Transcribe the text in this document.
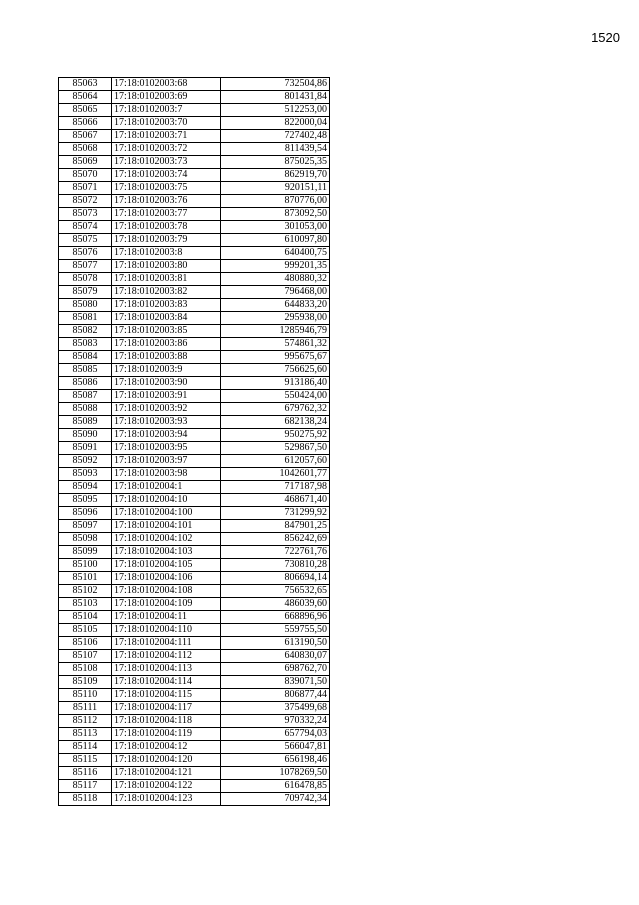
1520
85063	17:18:0102003:68	732504,86
85064	17:18:0102003:69	801431,84
85065	17:18:0102003:7	512253,00
85066	17:18:0102003:70	822000,04
85067	17:18:0102003:71	727402,48
85068	17:18:0102003:72	811439,54
85069	17:18:0102003:73	875025,35
85070	17:18:0102003:74	862919,70
85071	17:18:0102003:75	920151,11
85072	17:18:0102003:76	870776,00
85073	17:18:0102003:77	873092,50
85074	17:18:0102003:78	301053,00
85075	17:18:0102003:79	610097,80
85076	17:18:0102003:8	640400,75
85077	17:18:0102003:80	999201,35
85078	17:18:0102003:81	480880,32
85079	17:18:0102003:82	796468,00
85080	17:18:0102003:83	644833,20
85081	17:18:0102003:84	295938,00
85082	17:18:0102003:85	1285946,79
85083	17:18:0102003:86	574861,32
85084	17:18:0102003:88	995675,67
85085	17:18:0102003:9	756625,60
85086	17:18:0102003:90	913186,40
85087	17:18:0102003:91	550424,00
85088	17:18:0102003:92	679762,32
85089	17:18:0102003:93	682138,24
85090	17:18:0102003:94	950275,92
85091	17:18:0102003:95	529867,50
85092	17:18:0102003:97	612057,60
85093	17:18:0102003:98	1042601,77
85094	17:18:0102004:1	717187,98
85095	17:18:0102004:10	468671,40
85096	17:18:0102004:100	731299,92
85097	17:18:0102004:101	847901,25
85098	17:18:0102004:102	856242,69
85099	17:18:0102004:103	722761,76
85100	17:18:0102004:105	730810,28
85101	17:18:0102004:106	806694,14
85102	17:18:0102004:108	756532,65
85103	17:18:0102004:109	486039,60
85104	17:18:0102004:11	668896,96
85105	17:18:0102004:110	559755,50
85106	17:18:0102004:111	613190,50
85107	17:18:0102004:112	640830,07
85108	17:18:0102004:113	698762,70
85109	17:18:0102004:114	839071,50
85110	17:18:0102004:115	806877,44
85111	17:18:0102004:117	375499,68
85112	17:18:0102004:118	970332,24
85113	17:18:0102004:119	657794,03
85114	17:18:0102004:12	566047,81
85115	17:18:0102004:120	656198,46
85116	17:18:0102004:121	1078269,50
85117	17:18:0102004:122	616478,85
85118	17:18:0102004:123	709742,34
